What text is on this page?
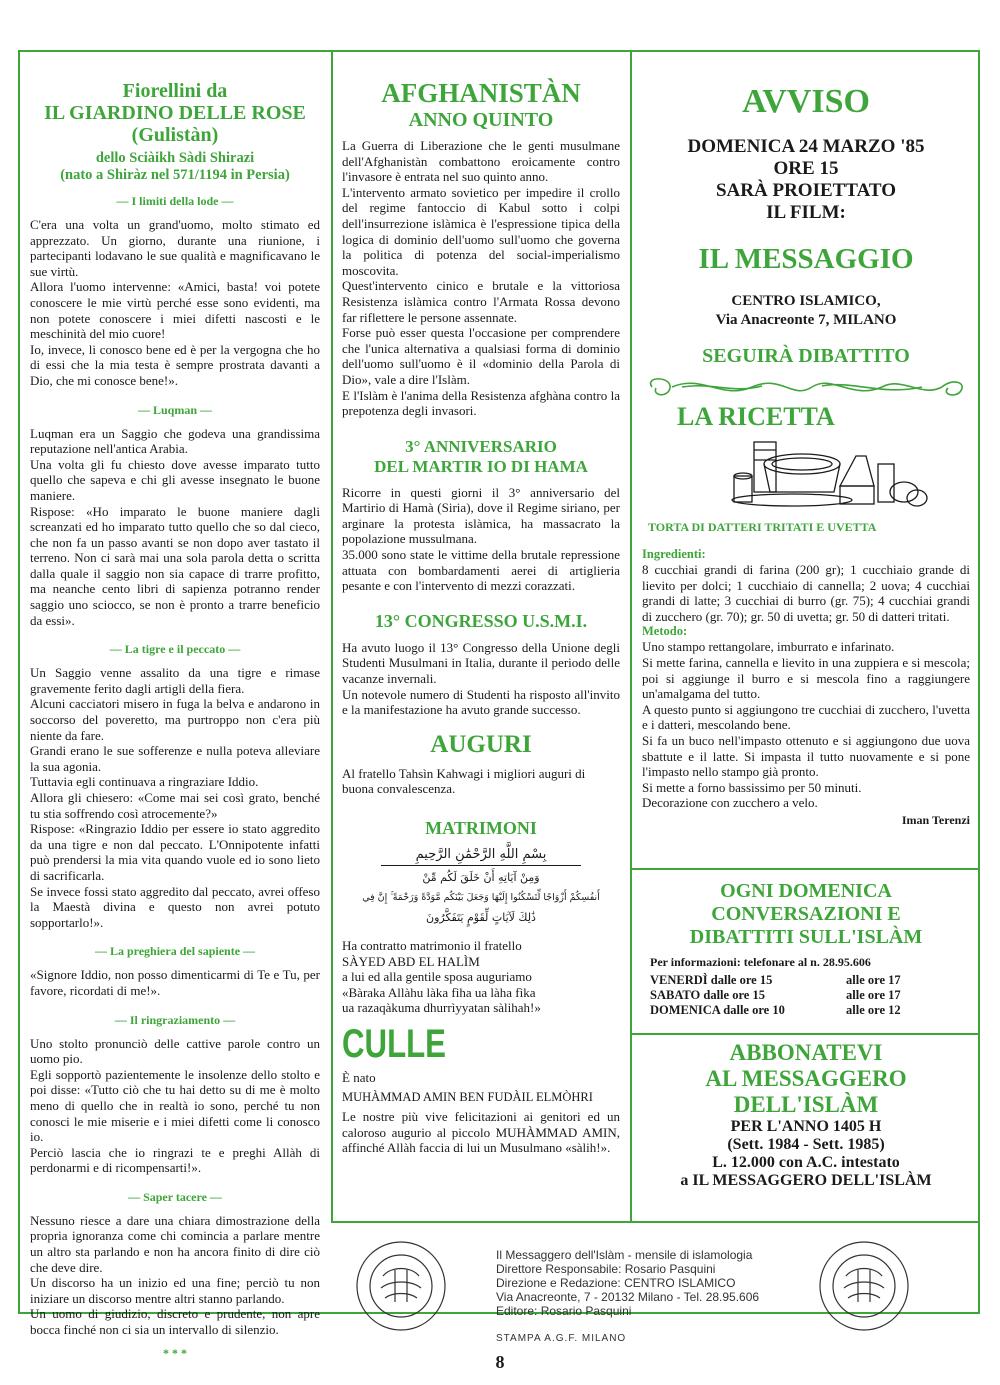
Fiorellini da

IL GIARDINO DELLE ROSE

(Gulistàn)

dello Sciàikh Sàdi Shirazi

(nato a Shiràz nel 571/1194 in Persia)

— I limiti della lode —

C'era una volta un grand'uomo, molto stimato ed apprezzato. Un giorno, durante una riunione, i partecipanti lodavano le sue qualità e magnificavano le sue virtù.
Allora l'uomo intervenne: «Amici, basta! voi potete conoscere le mie virtù perché esse sono evidenti, ma non potete conoscere i miei difetti nascosti e le meschinità del mio cuore!
Io, invece, li conosco bene ed è per la vergogna che ho di essi che la mia testa è sempre prostrata davanti a Dio, che mi conosce bene!».

— Luqman —

Luqman era un Saggio che godeva una grandissima reputazione nell'antica Arabia.
Una volta gli fu chiesto dove avesse imparato tutto quello che sapeva e chi gli avesse insegnato le buone maniere.
Rispose: «Ho imparato le buone maniere dagli screanzati ed ho imparato tutto quello che so dal cieco, che non fa un passo avanti se non dopo aver tastato il terreno. Non ci sarà mai una sola parola detta o scritta dalla quale il saggio non sia capace di trarre profitto, ma neanche cento libri di sapienza potranno render saggio uno sciocco, se non è pronto a trarre beneficio da essi».

— La tigre e il peccato —

Un Saggio venne assalito da una tigre e rimase gravemente ferito dagli artigli della fiera.
Alcuni cacciatori misero in fuga la belva e andarono in soccorso del poveretto, ma purtroppo non c'era più niente da fare.
Grandi erano le sue sofferenze e nulla poteva alleviare la sua agonia.
Tuttavia egli continuava a ringraziare Iddio.
Allora gli chiesero: «Come mai sei così grato, benché tu stia soffrendo così atrocemente?»
Rispose: «Ringrazio Iddio per essere io stato aggredito da una tigre e non dal peccato. L'Onnipotente infatti può prendersi la mia vita quando vuole ed io sono lieto di sacrificarla.
Se invece fossi stato aggredito dal peccato, avrei offeso la Maestà divina e questo non avrei potuto sopportarlo!».

— La preghiera del sapiente —

«Signore Iddio, non posso dimenticarmi di Te e Tu, per favore, ricordati di me!».

— Il ringraziamento —

Uno stolto pronunciò delle cattive parole contro un uomo pio.
Egli sopportò pazientemente le insolenze dello stolto e poi disse: «Tutto ciò che tu hai detto su di me è molto meno di quello che in realtà io sono, perché tu non conosci le mie miserie e i miei difetti come li conosco io.
Perciò lascia che io ringrazi te e preghi Allàh di perdonarmi e di ricompensarti!».

— Saper tacere —

Nessuno riesce a dare una chiara dimostrazione della propria ignoranza come chi comincia a parlare mentre un altro sta parlando e non ha ancora finito di dire ciò che deve dire.
Un discorso ha un inizio ed una fine; perciò tu non iniziare un discorso mentre altri stanno parlando.
Un uomo di giudizio, discreto e prudente, non apre bocca finché non ci sia un intervallo di silenzio.

* * *

AFGHANISTÀN

ANNO QUINTO

La Guerra di Liberazione che le genti musulmane dell'Afghanistàn combattono eroicamente contro l'invasore è entrata nel suo quinto anno.
L'intervento armato sovietico per impedire il crollo del regime fantoccio di Kabul sotto i colpi dell'insurrezione islàmica è l'espressione tipica della logica di dominio dell'uomo sull'uomo che governa la politica di potenza del social-imperialismo moscovita.
Quest'intervento cinico e brutale e la vittoriosa Resistenza islàmica contro l'Armata Rossa devono far riflettere le persone assennate.
Forse può esser questa l'occasione per comprendere che l'unica alternativa a qualsiasi forma di dominio dell'uomo sull'uomo è il «dominio della Parola di Dio», vale a dire l'Islàm.
E l'Islàm è l'anima della Resistenza afghàna contro la prepotenza degli invasori.

3° ANNIVERSARIO

DEL MARTIR IO DI HAMA

Ricorre in questi giorni il 3° anniversario del Martirio di Hamà (Siria), dove il Regime siriano, per arginare la protesta islàmica, ha massacrato la popolazione mussulmana.
35.000 sono state le vittime della brutale repressione attuata con bombardamenti aerei di artiglieria pesante e con l'intervento di mezzi corazzati.

13° CONGRESSO U.S.M.I.

Ha avuto luogo il 13° Congresso della Unione degli Studenti Musulmani in Italia, durante il periodo delle vacanze invernali.
Un notevole numero di Studenti ha risposto all'invito e la manifestazione ha avuto grande successo.

AUGURI

Al fratello Tahsìn Kahwagi i migliori auguri di buona convalescenza.

MATRIMONI

بِسْمِ اللَّهِ الرَّحْمَٰنِ الرَّحِيمِ
وَمِنْ آيَاتِهِ أَنْ خَلَقَ لَكُم مِّنْ
أَنفُسِكُمْ أَزْوَاجًا لِّتَسْكُنُوا إِلَيْهَا وَجَعَلَ بَيْنَكُم مَّوَدَّةً وَرَحْمَةً ۚ إِنَّ فِي
ذَٰلِكَ لَآيَاتٍ لِّقَوْمٍ يَتَفَكَّرُونَ

Ha contratto matrimonio il fratello
SÀYED ABD EL HALÌM
a lui ed alla gentile sposa auguriamo
«Bàraka Allàhu làka fìha ua làha fìka
ua razaqàkuma dhurrìyyatan sàlihah!»

CULLE

È nato

MUHÀMMAD AMIN BEN FUDÀIL ELMÒHRI

Le nostre più vive felicitazioni ai genitori ed un caloroso augurio al piccolo MUHÀMMAD AMIN, affinché Allàh faccia di lui un Musulmano «sàlih!».

AVVISO

DOMENICA 24 MARZO '85

ORE 15

SARÀ PROIETTATO

IL FILM:

IL MESSAGGIO

CENTRO ISLAMICO,

Via Anacreonte 7, MILANO

SEGUIRÀ DIBATTITO

LA RICETTA

TORTA DI DATTERI TRITATI E UVETTA

Ingredienti:

8 cucchiai grandi di farina (200 gr); 1 cucchiaio grande di lievito per dolci; 1 cucchiaio di cannella; 2 uova; 4 cucchiai grandi di latte; 3 cucchiai di burro (gr. 75); 4 cucchiai grandi di zucchero (gr. 70); gr. 50 di uvetta; gr. 50 di datteri tritati.

Metodo:

Uno stampo rettangolare, imburrato e infarinato.
Si mette farina, cannella e lievito in una zuppiera e si mescola; poi si aggiunge il burro e si mescola fino a raggiungere un'amalgama del tutto.
A questo punto si aggiungono tre cucchiai di zucchero, l'uvetta e i datteri, mescolando bene.
Si fa un buco nell'impasto ottenuto e si aggiungono due uova sbattute e il latte. Si impasta il tutto nuovamente e si pone l'impasto nello stampo già pronto.
Si mette a forno bassissimo per 50 minuti.
Decorazione con zucchero a velo.

Iman Terenzi

OGNI DOMENICA

CONVERSAZIONI E

DIBATTITI SULL'ISLÀM

Per informazioni: telefonare al n. 28.95.606

VENERDÌ dalle ore 15	alle ore 17
SABATO dalle ore 15	alle ore 17
DOMENICA dalle ore 10	alle ore 12

ABBONATEVI

AL MESSAGGERO

DELL'ISLÀM

PER L'ANNO 1405 H

(Sett. 1984 - Sett. 1985)

L. 12.000 con A.C. intestato

a IL MESSAGGERO DELL'ISLÀM

Il Messaggero dell'Islàm - mensile di islamologia
Direttore Responsabile: Rosario Pasquini
Direzione e Redazione: CENTRO ISLAMICO
Via Anacreonte, 7 - 20132 Milano - Tel. 28.95.606
Editore: Rosario Pasquini
STAMPA A.G.F. MILANO
8
